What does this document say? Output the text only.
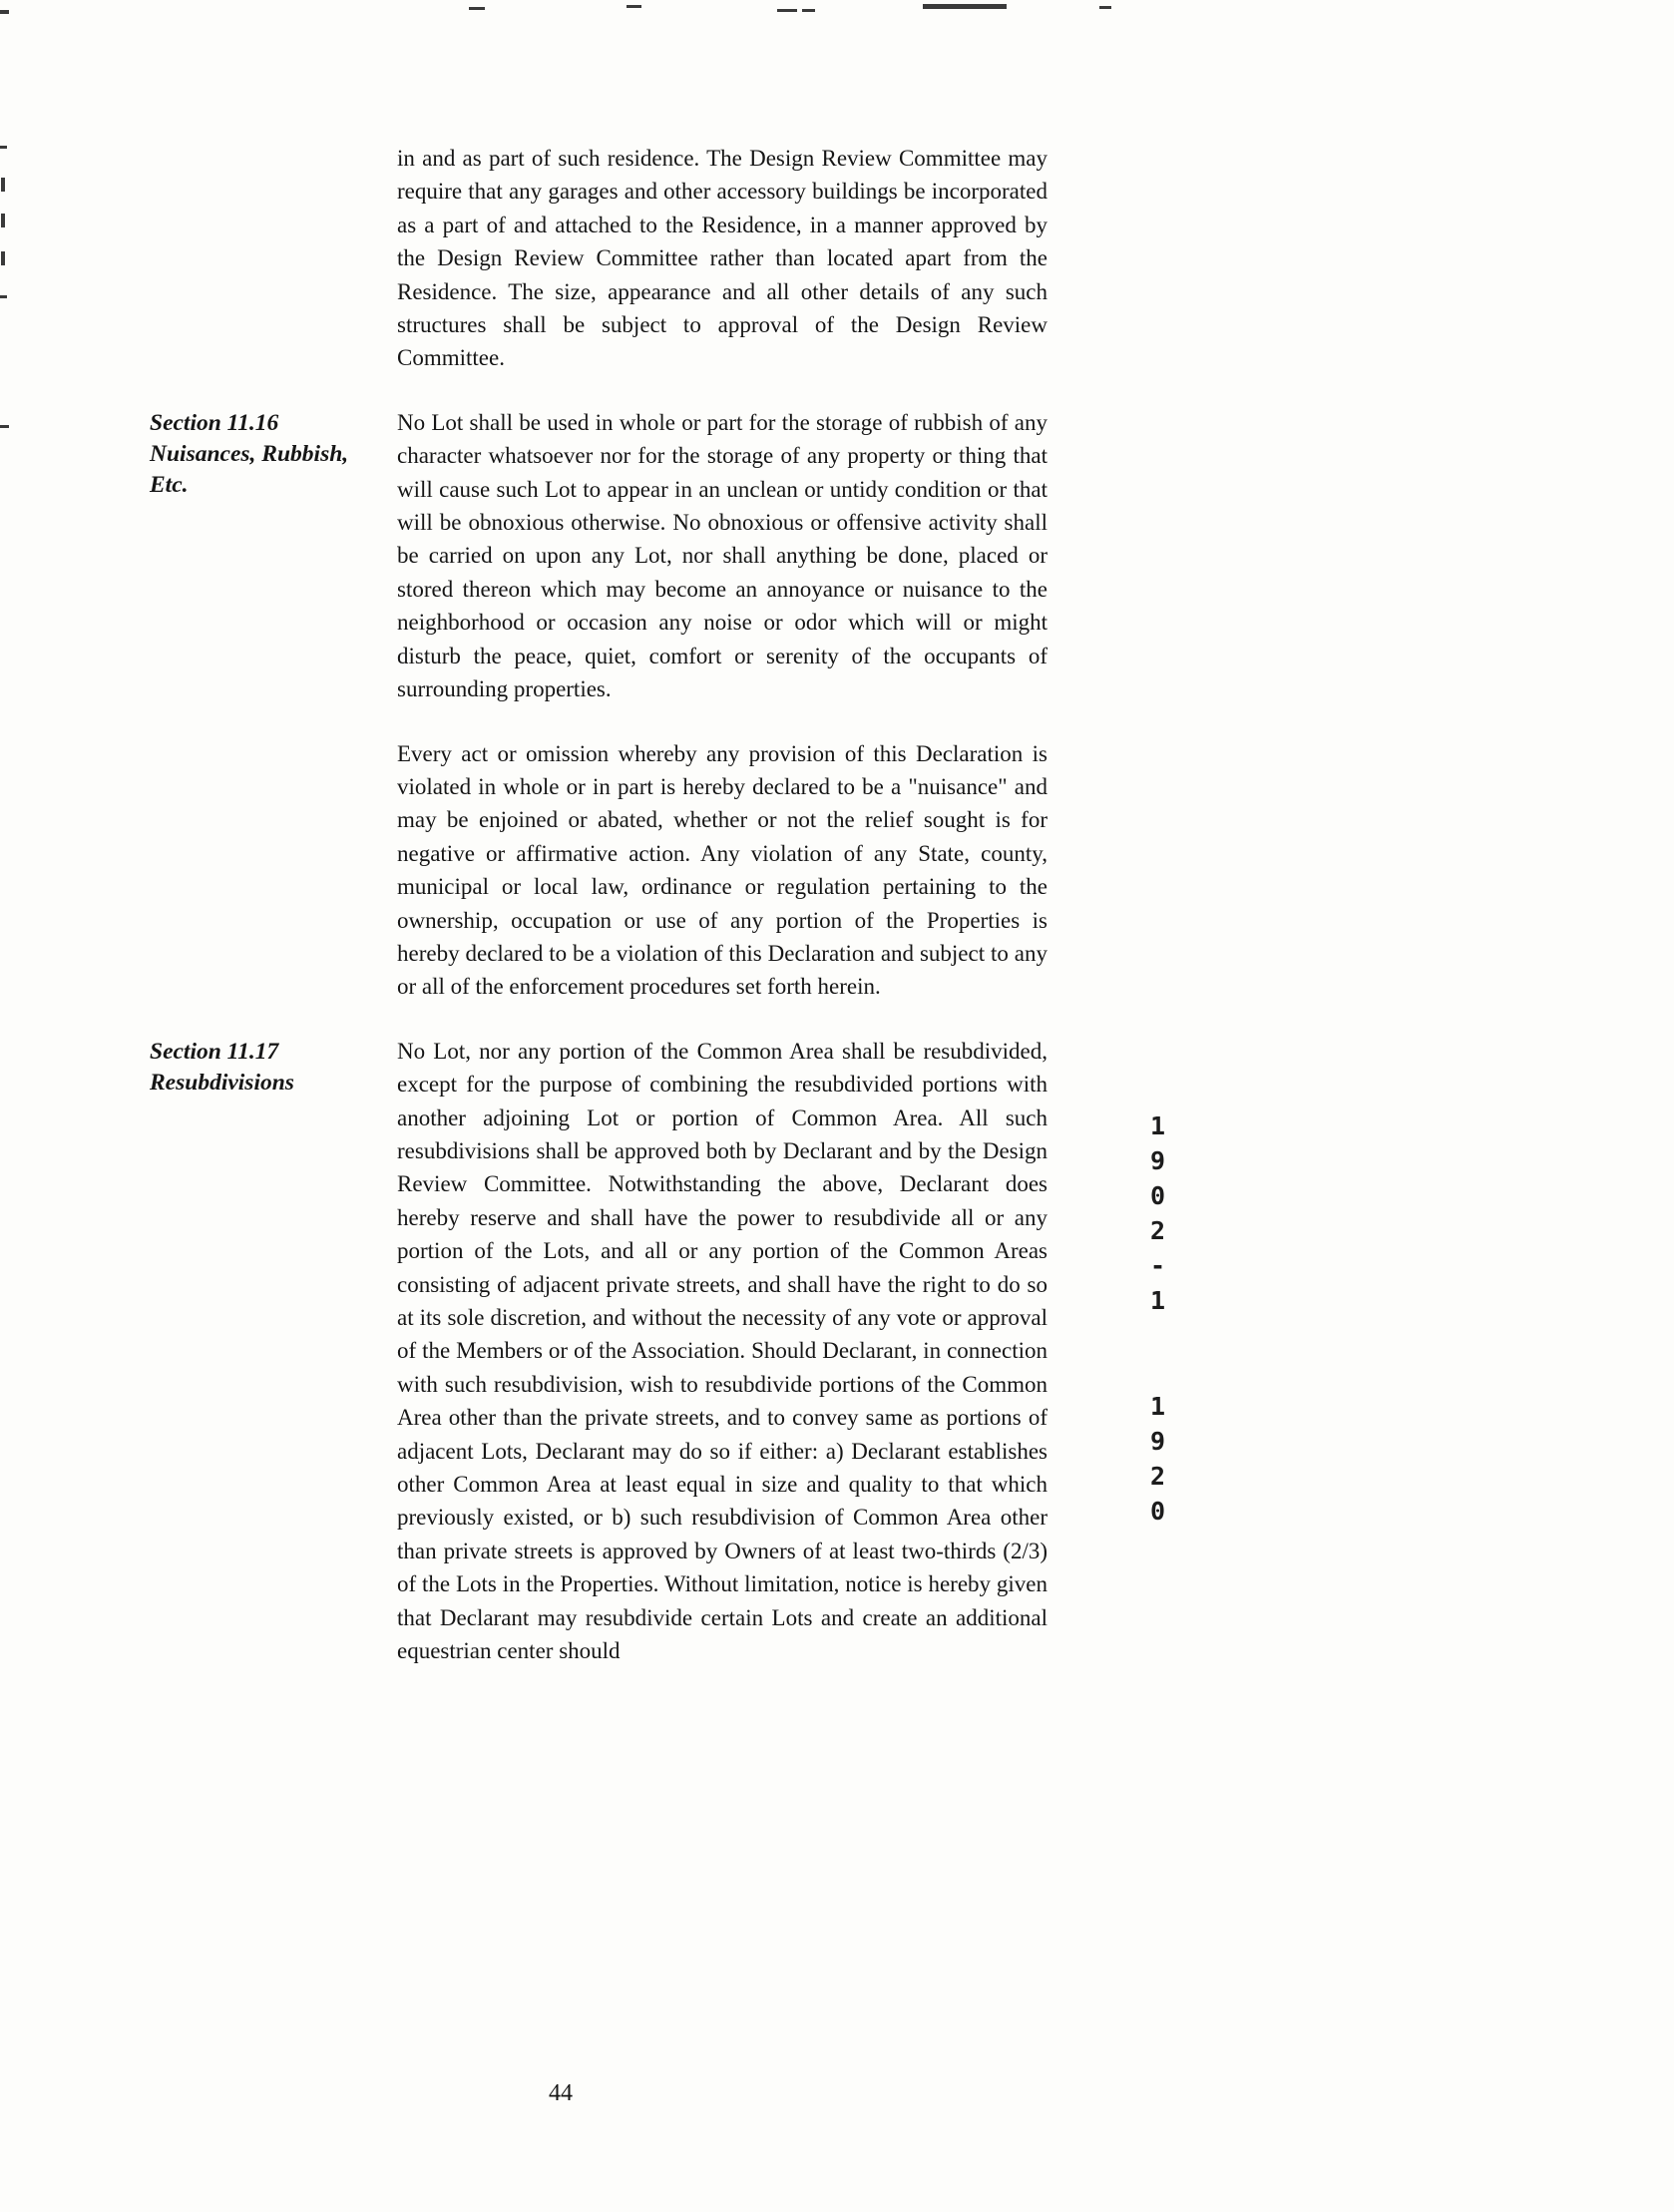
in and as part of such residence. The Design Review Committee may require that any garages and other accessory buildings be incorporated as a part of and attached to the Residence, in a manner approved by the Design Review Committee rather than located apart from the Residence. The size, appearance and all other details of any such structures shall be subject to approval of the Design Review Committee.

Section 11.16
Nuisances, Rubbish,
Etc.

No Lot shall be used in whole or part for the storage of rubbish of any character whatsoever nor for the storage of any property or thing that will cause such Lot to appear in an unclean or untidy condition or that will be obnoxious otherwise. No obnoxious or offensive activity shall be carried on upon any Lot, nor shall anything be done, placed or stored thereon which may become an annoyance or nuisance to the neighborhood or occasion any noise or odor which will or might disturb the peace, quiet, comfort or serenity of the occupants of surrounding properties.

Every act or omission whereby any provision of this Declaration is violated in whole or in part is hereby declared to be a "nuisance" and may be enjoined or abated, whether or not the relief sought is for negative or affirmative action. Any violation of any State, county, municipal or local law, ordinance or regulation pertaining to the ownership, occupation or use of any portion of the Properties is hereby declared to be a violation of this Declaration and subject to any or all of the enforcement procedures set forth herein.

Section 11.17
Resubdivisions

No Lot, nor any portion of the Common Area shall be resubdivided, except for the purpose of combining the resubdivided portions with another adjoining Lot or portion of Common Area. All such resubdivisions shall be approved both by Declarant and by the Design Review Committee. Notwithstanding the above, Declarant does hereby reserve and shall have the power to resubdivide all or any portion of the Lots, and all or any portion of the Common Areas consisting of adjacent private streets, and shall have the right to do so at its sole discretion, and without the necessity of any vote or approval of the Members or of the Association. Should Declarant, in connection with such resubdivision, wish to resubdivide portions of the Common Area other than the private streets, and to convey same as portions of adjacent Lots, Declarant may do so if either: a) Declarant establishes other Common Area at least equal in size and quality to that which previously existed, or b) such resubdivision of Common Area other than private streets is approved by Owners of at least two-thirds (2/3) of the Lots in the Properties. Without limitation, notice is hereby given that Declarant may resubdivide certain Lots and create an additional equestrian center should

1902-1 1920
44
